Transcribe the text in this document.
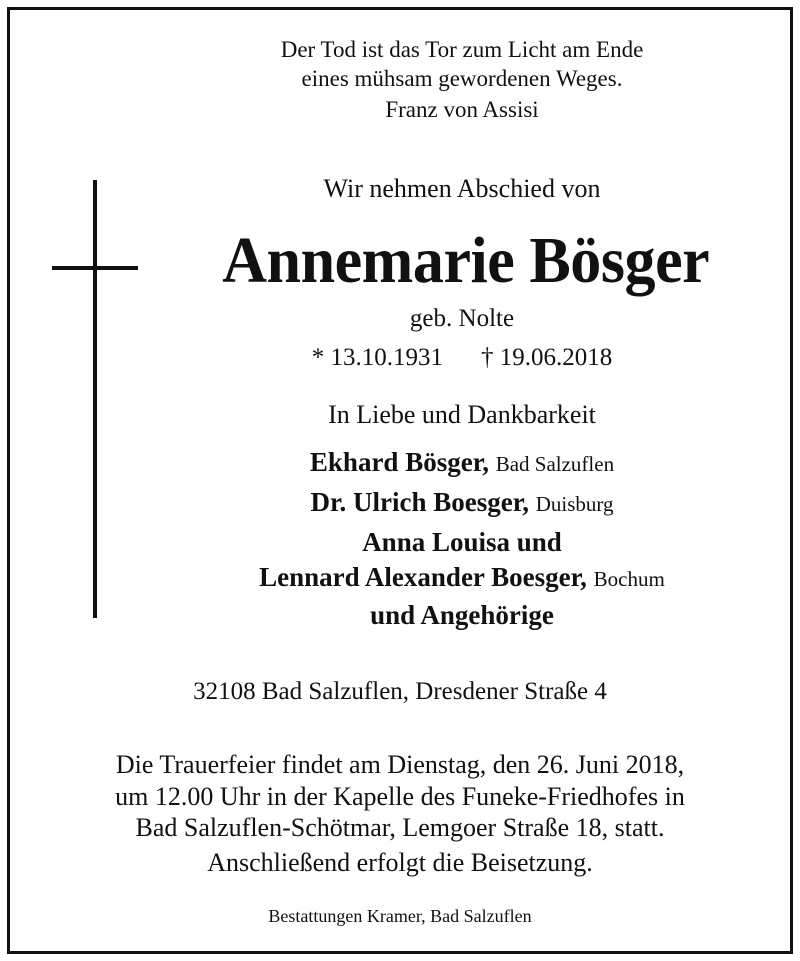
Der Tod ist das Tor zum Licht am Ende
eines mühsam gewordenen Weges.
Franz von Assisi
Wir nehmen Abschied von
Annemarie Bösger
geb. Nolte
* 13.10.1931 † 19.06.2018
In Liebe und Dankbarkeit
Ekhard Bösger, Bad Salzuflen
Dr. Ulrich Boesger, Duisburg
Anna Louisa und
Lennard Alexander Boesger, Bochum
und Angehörige
32108 Bad Salzuflen, Dresdener Straße 4
Die Trauerfeier findet am Dienstag, den 26. Juni 2018,
um 12.00 Uhr in der Kapelle des Funeke-Friedhofes in
Bad Salzuflen-Schötmar, Lemgoer Straße 18, statt.
Anschließend erfolgt die Beisetzung.
Bestattungen Kramer, Bad Salzuflen
